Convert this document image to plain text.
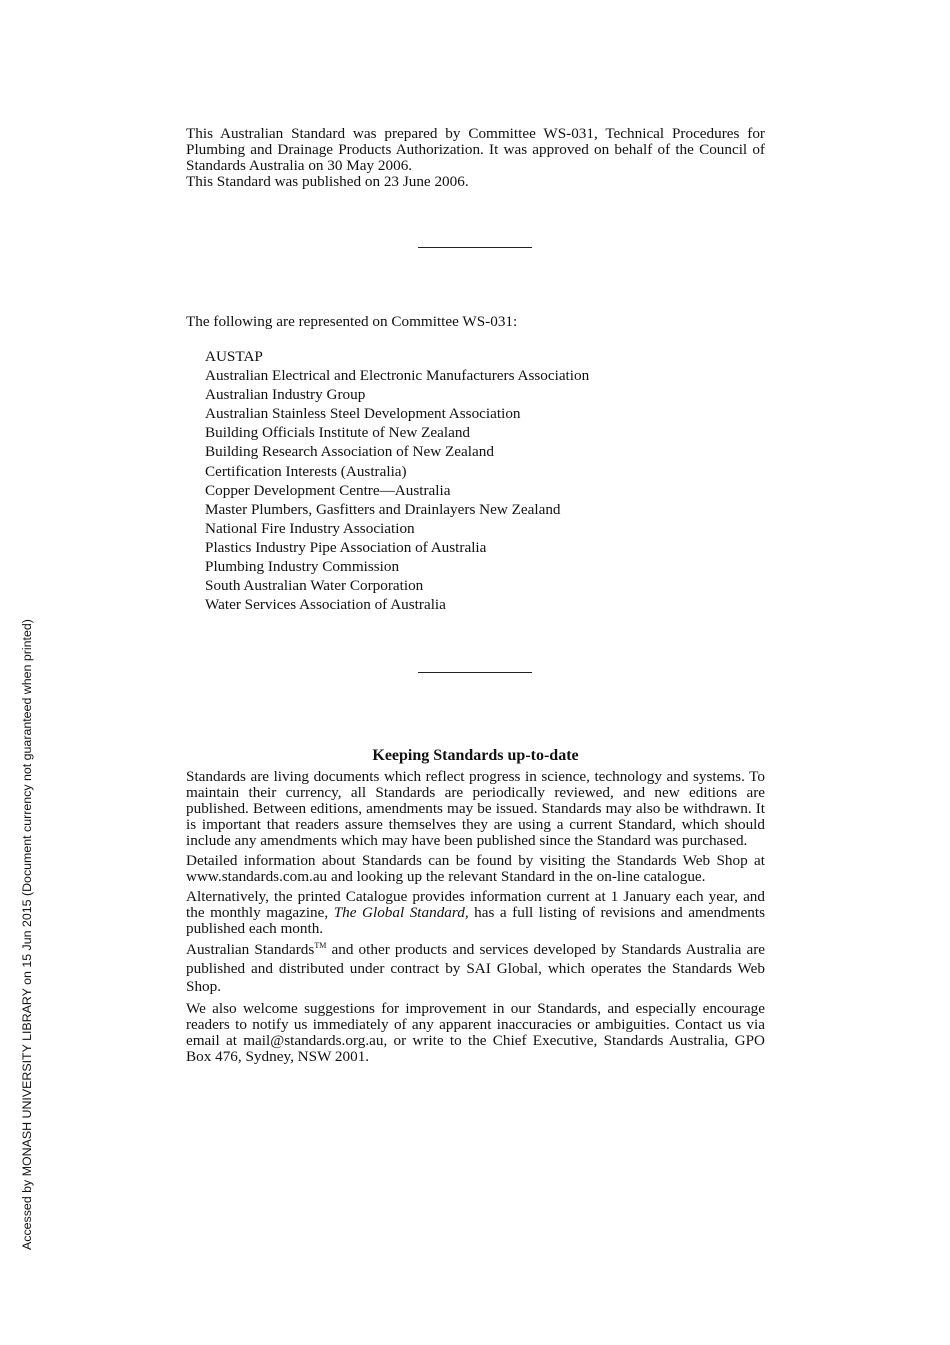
This Australian Standard was prepared by Committee WS-031, Technical Procedures for Plumbing and Drainage Products Authorization. It was approved on behalf of the Council of Standards Australia on 30 May 2006.

This Standard was published on 23 June 2006.

The following are represented on Committee WS-031:
AUSTAP
Australian Electrical and Electronic Manufacturers Association
Australian Industry Group
Australian Stainless Steel Development Association
Building Officials Institute of New Zealand
Building Research Association of New Zealand
Certification Interests (Australia)
Copper Development Centre—Australia
Master Plumbers, Gasfitters and Drainlayers New Zealand
National Fire Industry Association
Plastics Industry Pipe Association of Australia
Plumbing Industry Commission
South Australian Water Corporation
Water Services Association of Australia
Keeping Standards up-to-date

Standards are living documents which reflect progress in science, technology and systems. To maintain their currency, all Standards are periodically reviewed, and new editions are published. Between editions, amendments may be issued. Standards may also be withdrawn. It is important that readers assure themselves they are using a current Standard, which should include any amendments which may have been published since the Standard was purchased.

Detailed information about Standards can be found by visiting the Standards Web Shop at www.standards.com.au and looking up the relevant Standard in the on-line catalogue.

Alternatively, the printed Catalogue provides information current at 1 January each year, and the monthly magazine, The Global Standard, has a full listing of revisions and amendments published each month.

Australian Standards™ and other products and services developed by Standards Australia are published and distributed under contract by SAI Global, which operates the Standards Web Shop.

We also welcome suggestions for improvement in our Standards, and especially encourage readers to notify us immediately of any apparent inaccuracies or ambiguities. Contact us via email at mail@standards.org.au, or write to the Chief Executive, Standards Australia, GPO Box 476, Sydney, NSW 2001.

Accessed by MONASH UNIVERSITY LIBRARY on 15 Jun 2015 (Document currency not guaranteed when printed)
